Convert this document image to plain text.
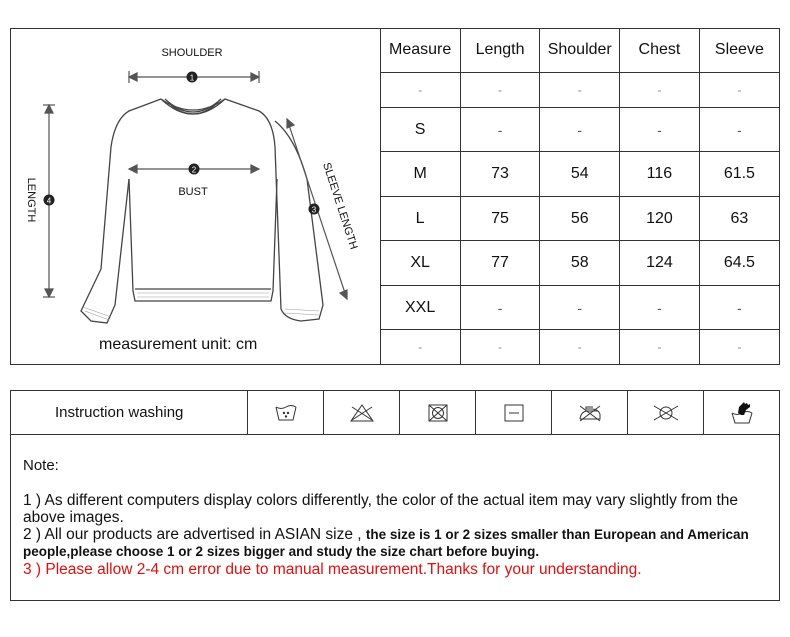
1
SHOULDER
2
BUST
4
LENGTH	3 SLEEVE LENGTH
measurement unit: cm
Measure	Length	Shoulder	Chest	Sleeve
-	-	-	-	-
S	-	-	-	-
M	73	54	116	61.5
L	75	56	120	63
XL	77	58	124	64.5
XXL	-	-	-	-
-	-	-	-	-
Instruction washing
Note:
1 ) As different computers display colors differently, the color of the actual item may vary slightly from the above images.
2 ) All our products are advertised in ASIAN size , the size is 1 or 2 sizes smaller than European and American people,please choose 1 or 2 sizes bigger and study the size chart before buying.
3 ) Please allow 2-4 cm error due to manual measurement.Thanks for your understanding.
